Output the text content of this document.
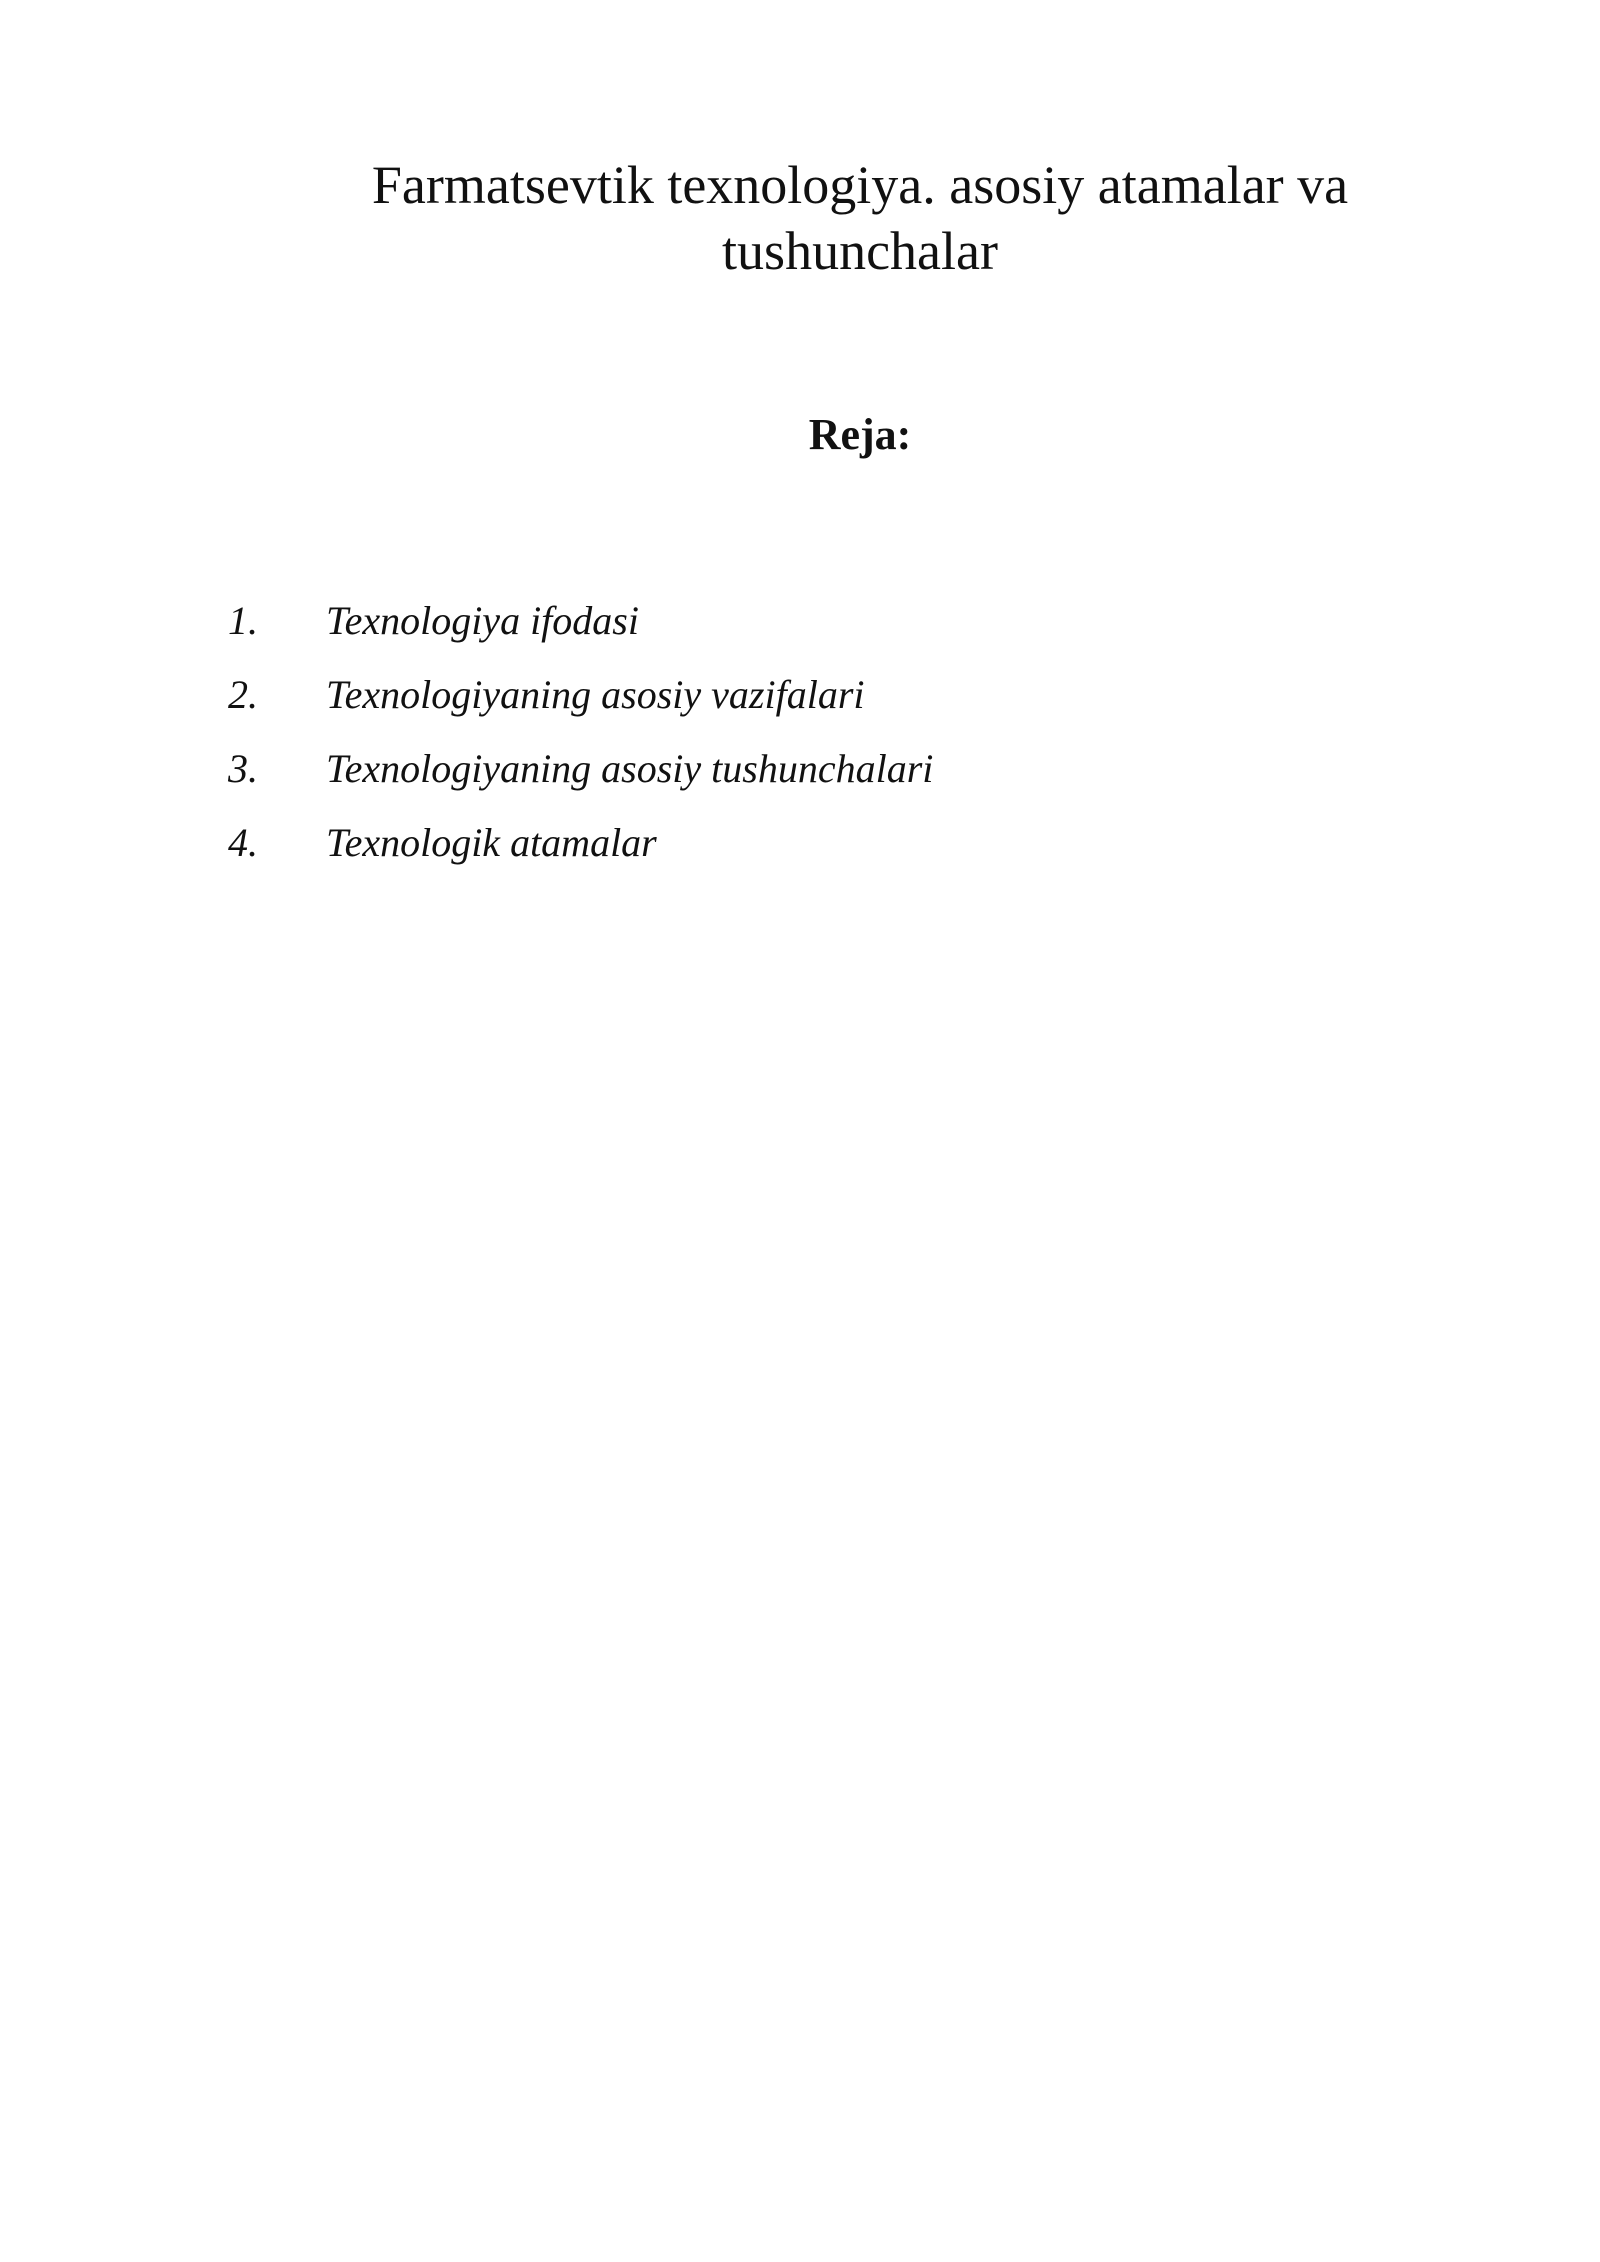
Farmatsevtik texnologiya. asosiy atamalar va tushunchalar
Reja:
1.	Texnologiya ifodasi
2.	Texnologiyaning asosiy vazifalari
3.	Texnologiyaning asosiy tushunchalari
4.	Texnologik atamalar
